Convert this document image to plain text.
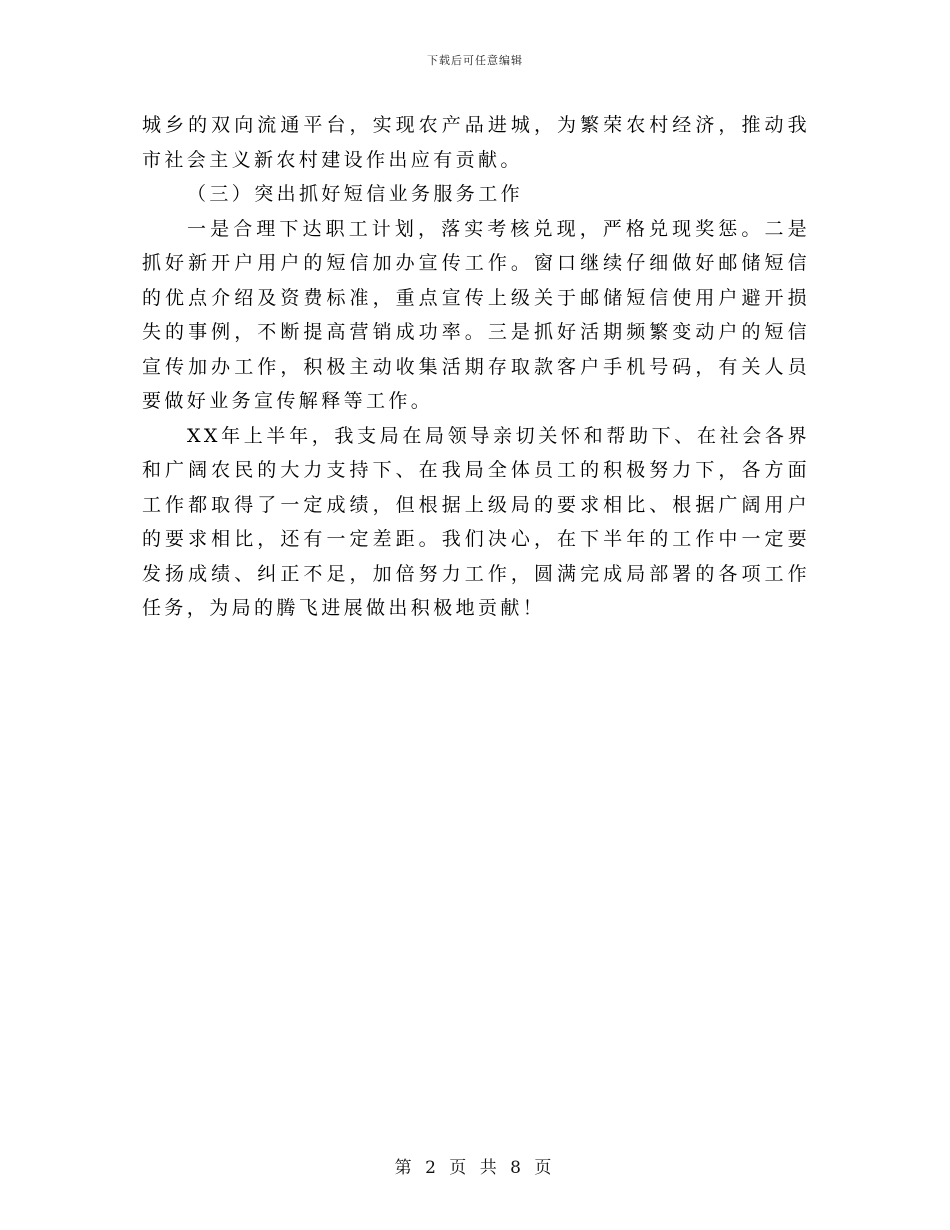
下载后可任意编辑

城乡的双向流通平台，实现农产品进城，为繁荣农村经济，推动我市社会主义新农村建设作出应有贡献。

（三）突出抓好短信业务服务工作

一是合理下达职工计划，落实考核兑现，严格兑现奖惩。二是抓好新开户用户的短信加办宣传工作。窗口继续仔细做好邮储短信的优点介绍及资费标准，重点宣传上级关于邮储短信使用户避开损失的事例，不断提高营销成功率。三是抓好活期频繁变动户的短信宣传加办工作，积极主动收集活期存取款客户手机号码，有关人员要做好业务宣传解释等工作。

XX年上半年，我支局在局领导亲切关怀和帮助下、在社会各界和广阔农民的大力支持下、在我局全体员工的积极努力下，各方面工作都取得了一定成绩，但根据上级局的要求相比、根据广阔用户的要求相比，还有一定差距。我们决心，在下半年的工作中一定要发扬成绩、纠正不足，加倍努力工作，圆满完成局部署的各项工作任务，为局的腾飞进展做出积极地贡献！

第 2 页 共 8 页
